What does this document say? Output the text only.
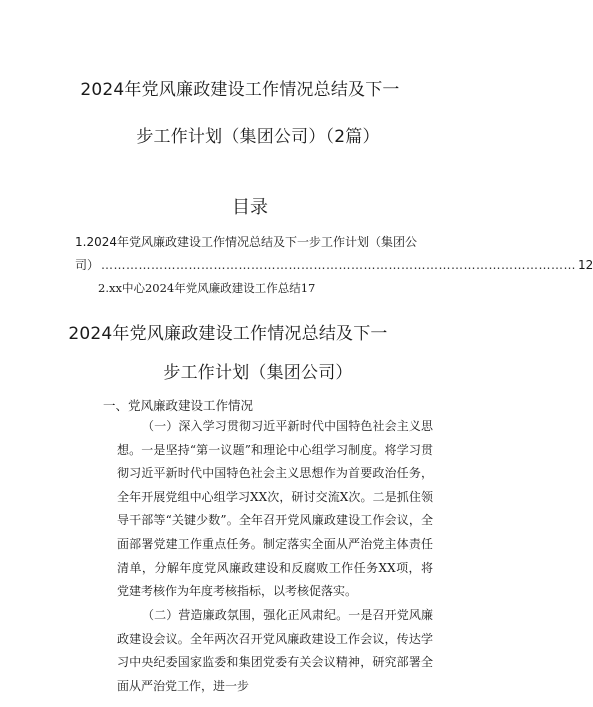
2024年党风廉政建设工作情况总结及下一
步工作计划（集团公司）（2篇）
目录
1.2024年党风廉政建设工作情况总结及下一步工作计划（集团公
司） …………………………………………………………………………………………………… 12
2.xx中心2024年党风廉政建设工作总结17
2024年党风廉政建设工作情况总结及下一
步工作计划（集团公司）
一、党风廉政建设工作情况

（一）深入学习贯彻习近平新时代中国特色社会主义思想。一是坚持“第一议题”和理论中心组学习制度。将学习贯彻习近平新时代中国特色社会主义思想作为首要政治任务，全年开展党组中心组学习XX次，研讨交流X次。二是抓住领导干部等“关键少数”。全年召开党风廉政建设工作会议，全面部署党建工作重点任务。制定落实全面从严治党主体责任清单，分解年度党风廉政建设和反腐败工作任务XX项，将党建考核作为年度考核指标，以考核促落实。

（二）营造廉政氛围，强化正风肃纪。一是召开党风廉政建设会议。全年两次召开党风廉政建设工作会议，传达学习中央纪委国家监委和集团党委有关会议精神，研究部署全面从严治党工作，进一步
